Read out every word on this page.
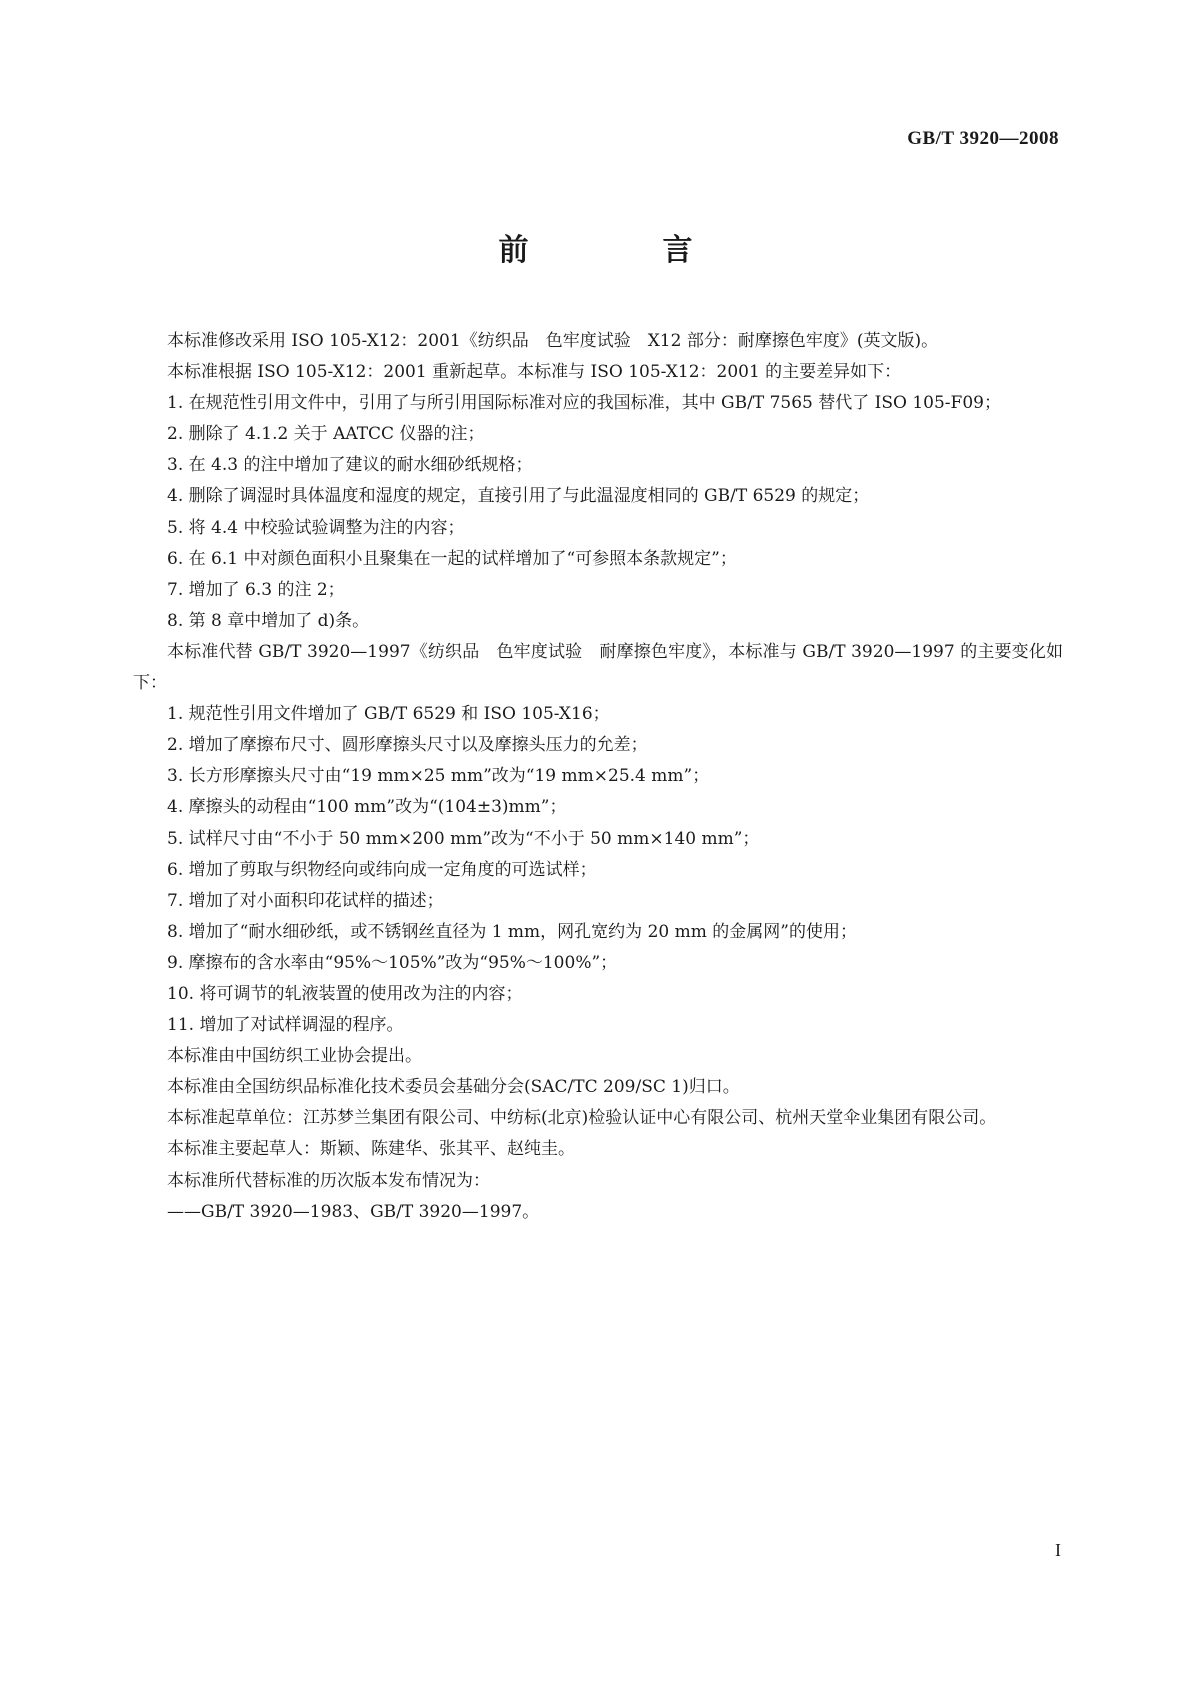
GB/T 3920—2008
前　言

本标准修改采用 ISO 105-X12：2001《纺织品　色牢度试验　X12 部分：耐摩擦色牢度》(英文版)。

本标准根据 ISO 105-X12：2001 重新起草。本标准与 ISO 105-X12：2001 的主要差异如下：

1. 在规范性引用文件中，引用了与所引用国际标准对应的我国标准，其中 GB/T 7565 替代了 ISO 105-F09；

2. 删除了 4.1.2 关于 AATCC 仪器的注；

3. 在 4.3 的注中增加了建议的耐水细砂纸规格；

4. 删除了调湿时具体温度和湿度的规定，直接引用了与此温湿度相同的 GB/T 6529 的规定；

5. 将 4.4 中校验试验调整为注的内容；

6. 在 6.1 中对颜色面积小且聚集在一起的试样增加了“可参照本条款规定”；

7. 增加了 6.3 的注 2；

8. 第 8 章中增加了 d)条。

本标准代替 GB/T 3920—1997《纺织品　色牢度试验　耐摩擦色牢度》，本标准与 GB/T 3920—1997 的主要变化如下：

1. 规范性引用文件增加了 GB/T 6529 和 ISO 105-X16；

2. 增加了摩擦布尺寸、圆形摩擦头尺寸以及摩擦头压力的允差；

3. 长方形摩擦头尺寸由“19 mm×25 mm”改为“19 mm×25.4 mm”；

4. 摩擦头的动程由“100 mm”改为“(104±3)mm”；

5. 试样尺寸由“不小于 50 mm×200 mm”改为“不小于 50 mm×140 mm”；

6. 增加了剪取与织物经向或纬向成一定角度的可选试样；

7. 增加了对小面积印花试样的描述；

8. 增加了“耐水细砂纸，或不锈钢丝直径为 1 mm，网孔宽约为 20 mm 的金属网”的使用；

9. 摩擦布的含水率由“95%～105%”改为“95%～100%”；

10. 将可调节的轧液装置的使用改为注的内容；

11. 增加了对试样调湿的程序。

本标准由中国纺织工业协会提出。

本标准由全国纺织品标准化技术委员会基础分会(SAC/TC 209/SC 1)归口。

本标准起草单位：江苏梦兰集团有限公司、中纺标(北京)检验认证中心有限公司、杭州天堂伞业集团有限公司。

本标准主要起草人：斯颖、陈建华、张其平、赵纯圭。

本标准所代替标准的历次版本发布情况为：

——GB/T 3920—1983、GB/T 3920—1997。

I
